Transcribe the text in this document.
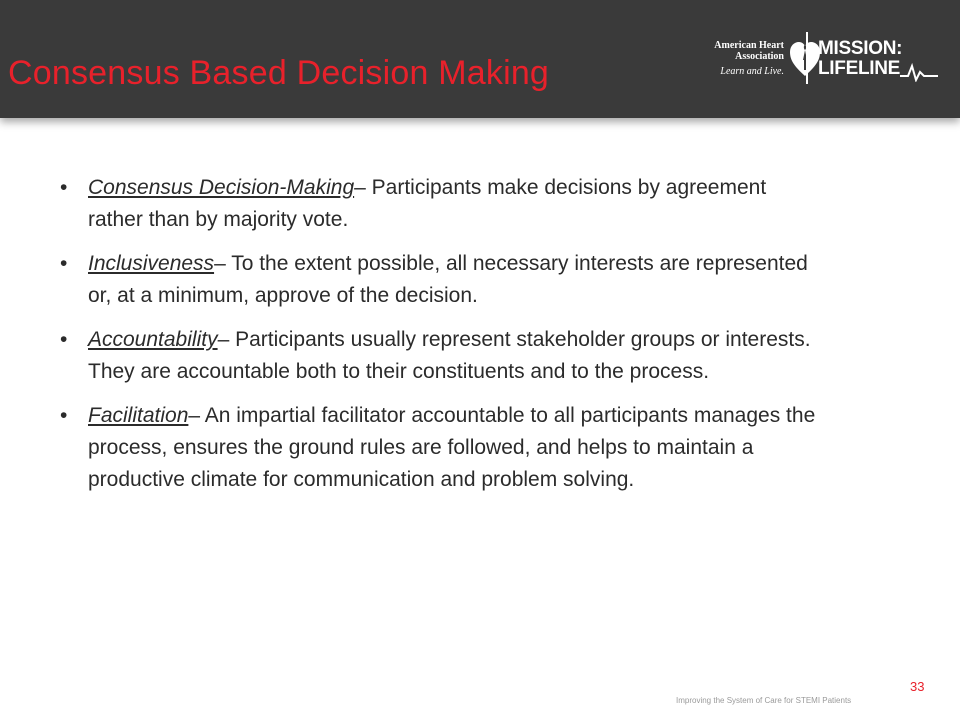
Consensus Based Decision Making
American Heart
Association
Learn and Live.
MISSION:
LIFELINE
• Consensus Decision-Making– Participants make decisions by agreement rather than by majority vote.
• Inclusiveness– To the extent possible, all necessary interests are represented or, at a minimum, approve of the decision.
• Accountability– Participants usually represent stakeholder groups or interests. They are accountable both to their constituents and to the process.
• Facilitation– An impartial facilitator accountable to all participants manages the process, ensures the ground rules are followed, and helps to maintain a productive climate for communication and problem solving.
Improving the System of Care for STEMI Patients
33
